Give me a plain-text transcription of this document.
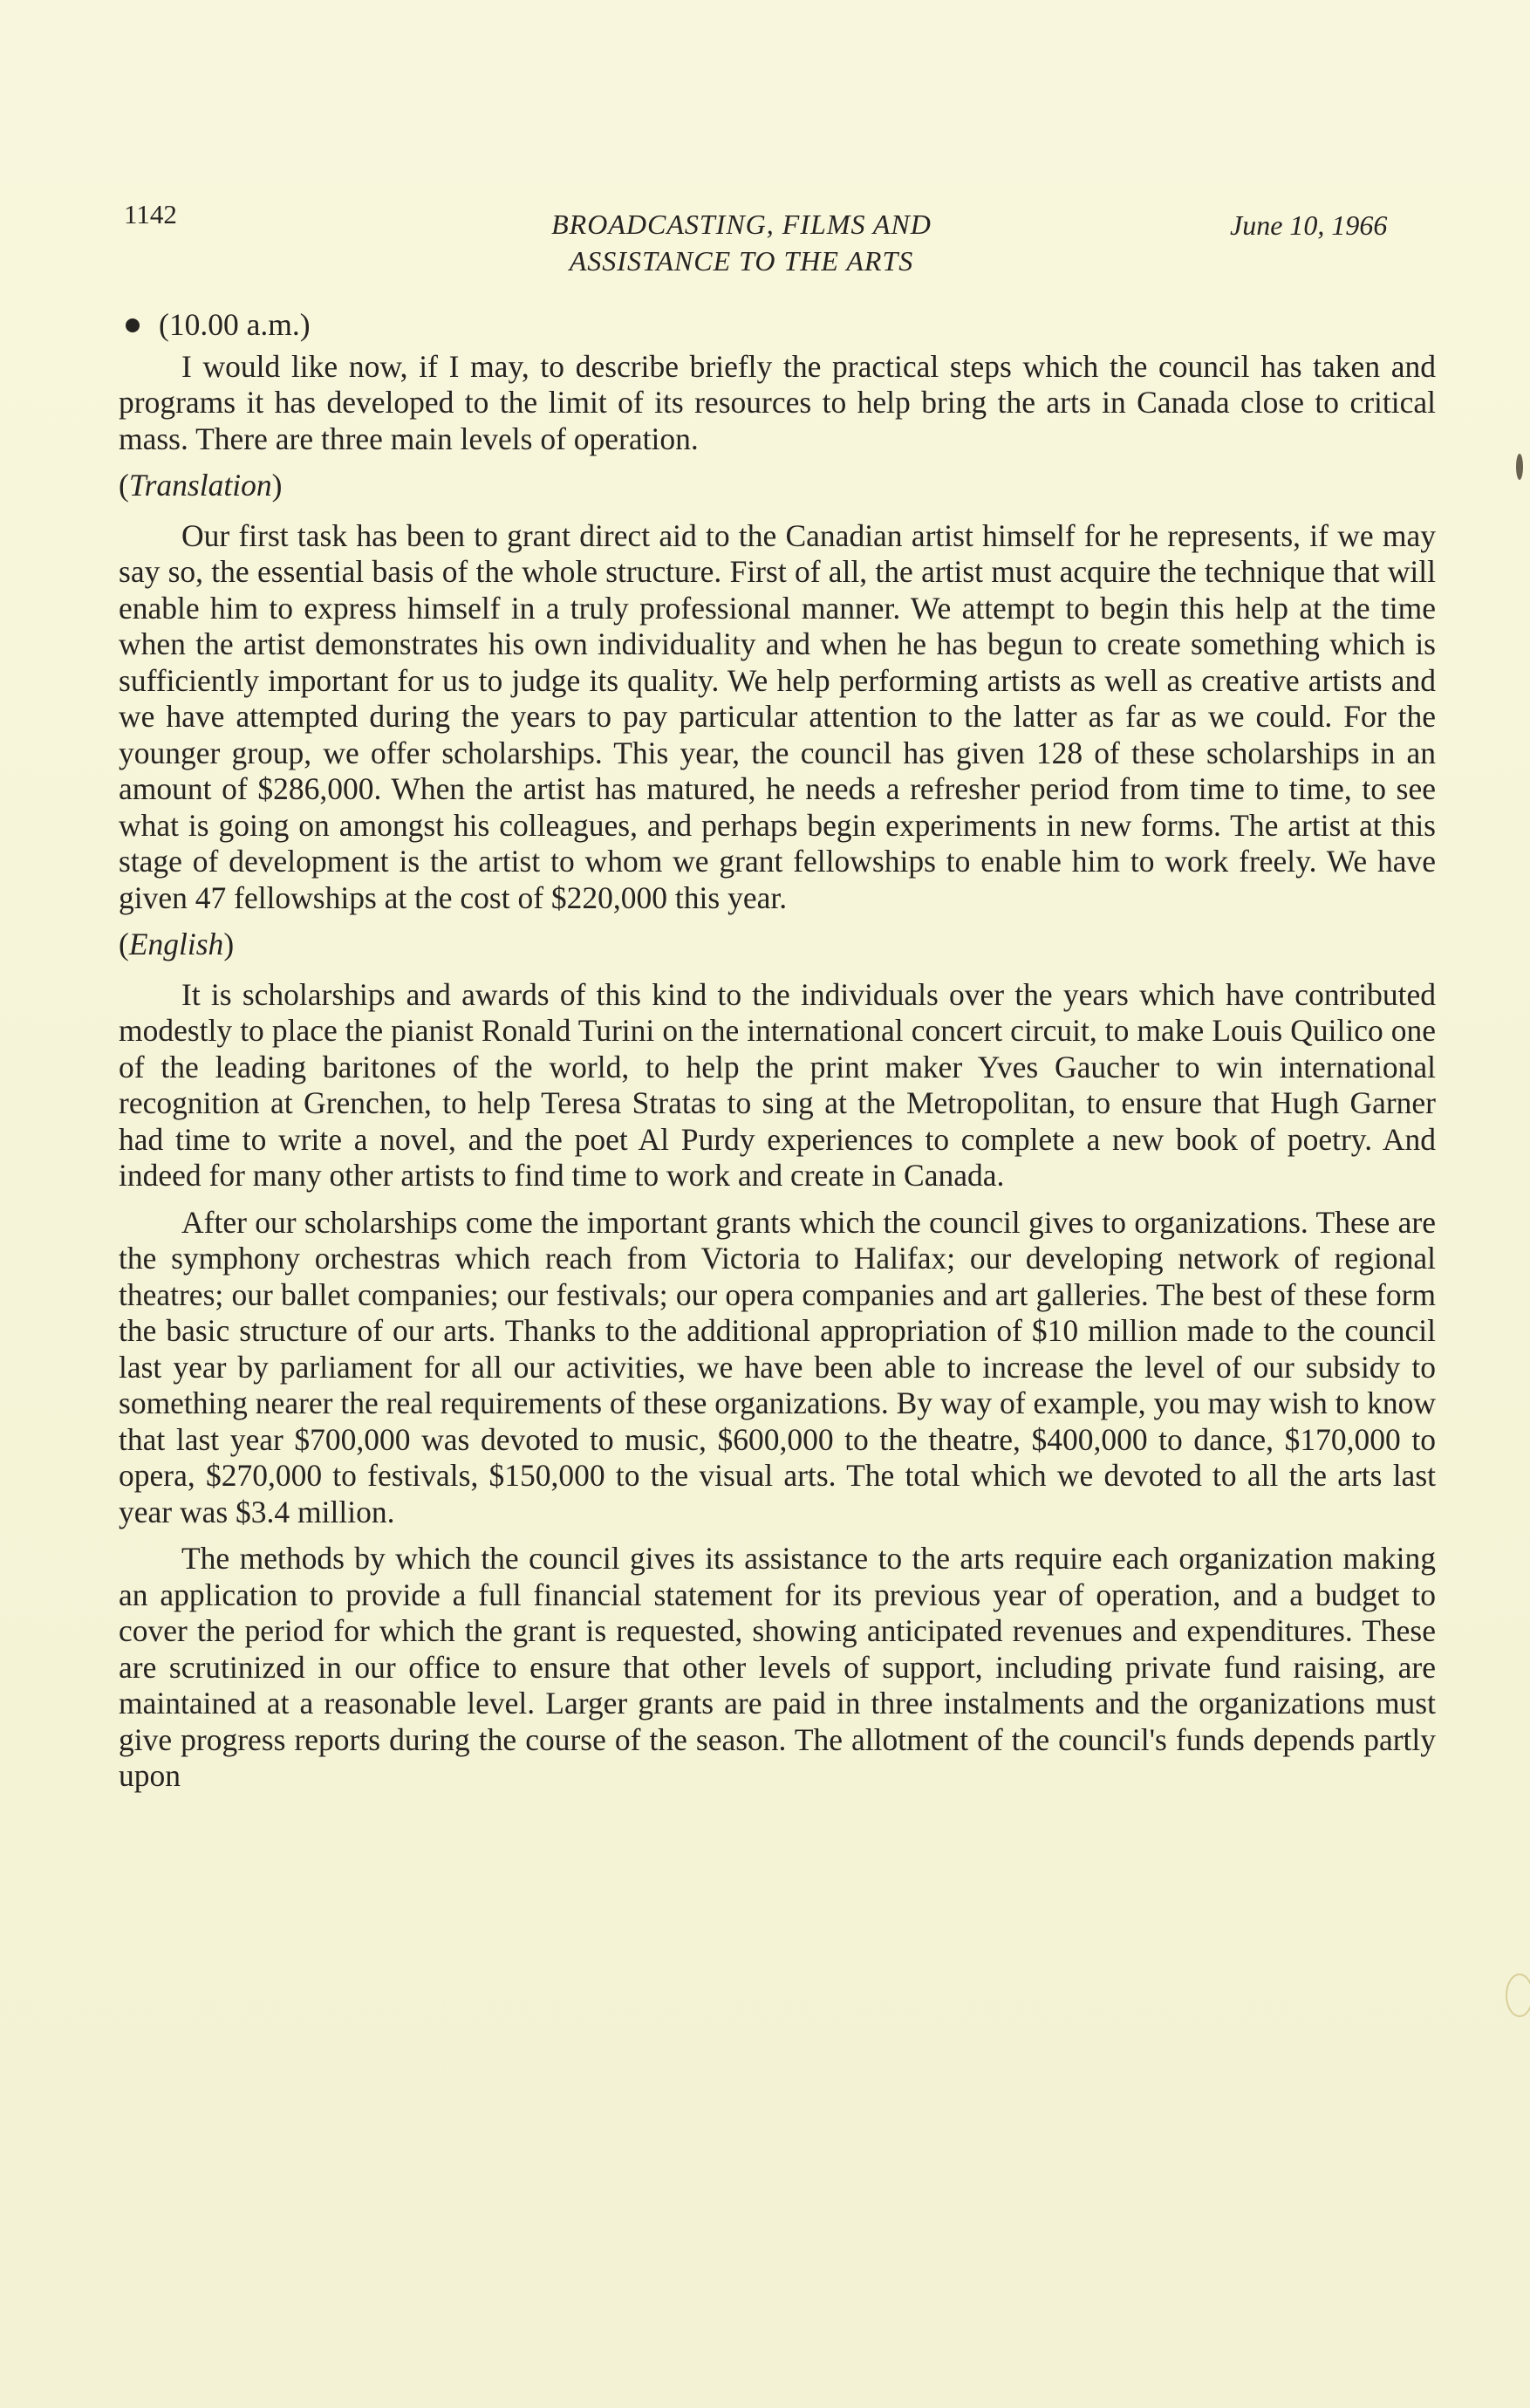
1142	BROADCASTING, FILMS AND
ASSISTANCE TO THE ARTS
June 10, 1966
(10.00 a.m.)

I would like now, if I may, to describe briefly the practical steps which the council has taken and programs it has developed to the limit of its resources to help bring the arts in Canada close to critical mass. There are three main levels of operation.

(Translation)

Our first task has been to grant direct aid to the Canadian artist himself for he represents, if we may say so, the essential basis of the whole structure. First of all, the artist must acquire the technique that will enable him to express himself in a truly professional manner. We attempt to begin this help at the time when the artist demonstrates his own individuality and when he has begun to create something which is sufficiently important for us to judge its quality. We help performing artists as well as creative artists and we have attempted during the years to pay particular attention to the latter as far as we could. For the younger group, we offer scholarships. This year, the council has given 128 of these scholarships in an amount of $286,000. When the artist has matured, he needs a refresher period from time to time, to see what is going on amongst his colleagues, and perhaps begin experiments in new forms. The artist at this stage of development is the artist to whom we grant fellowships to enable him to work freely. We have given 47 fellowships at the cost of $220,000 this year.

(English)

It is scholarships and awards of this kind to the individuals over the years which have contributed modestly to place the pianist Ronald Turini on the international concert circuit, to make Louis Quilico one of the leading baritones of the world, to help the print maker Yves Gaucher to win international recognition at Grenchen, to help Teresa Stratas to sing at the Metropolitan, to ensure that Hugh Garner had time to write a novel, and the poet Al Purdy experiences to complete a new book of poetry. And indeed for many other artists to find time to work and create in Canada.

After our scholarships come the important grants which the council gives to organizations. These are the symphony orchestras which reach from Victoria to Halifax; our developing network of regional theatres; our ballet companies; our festivals; our opera companies and art galleries. The best of these form the basic structure of our arts. Thanks to the additional appropriation of $10 million made to the council last year by parliament for all our activities, we have been able to increase the level of our subsidy to something nearer the real requirements of these organizations. By way of example, you may wish to know that last year $700,000 was devoted to music, $600,000 to the theatre, $400,000 to dance, $170,000 to opera, $270,000 to festivals, $150,000 to the visual arts. The total which we devoted to all the arts last year was $3.4 million.

The methods by which the council gives its assistance to the arts require each organization making an application to provide a full financial statement for its previous year of operation, and a budget to cover the period for which the grant is requested, showing anticipated revenues and expenditures. These are scrutinized in our office to ensure that other levels of support, including private fund raising, are maintained at a reasonable level. Larger grants are paid in three instalments and the organizations must give progress reports during the course of the season. The allotment of the council's funds depends partly upon
